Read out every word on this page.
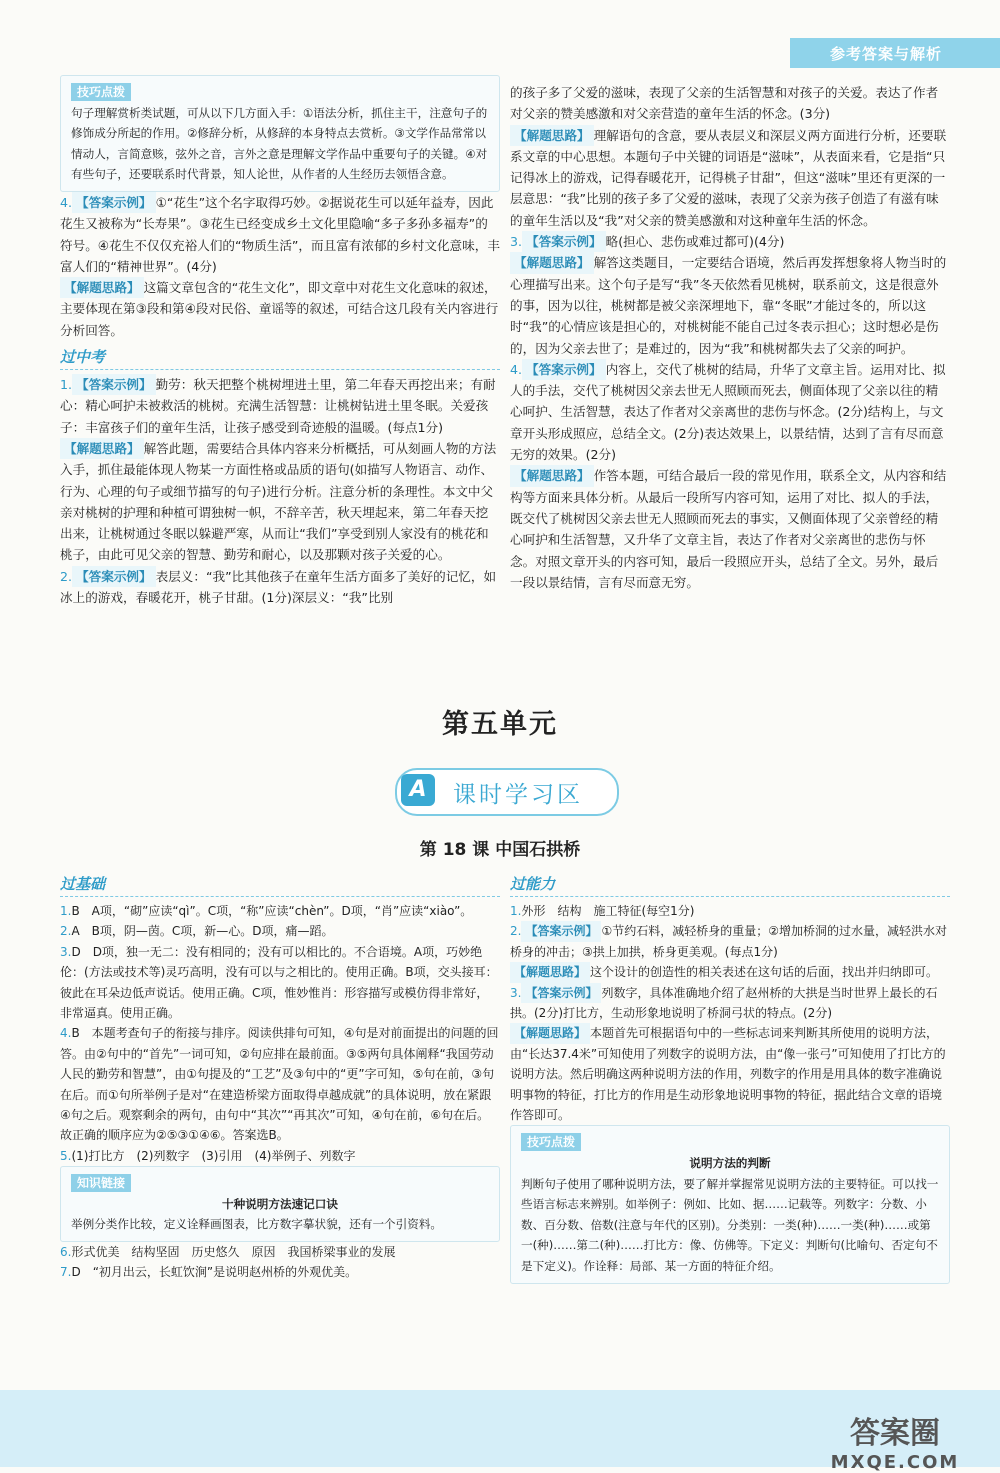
参考答案与解析
技巧点拨

句子理解赏析类试题，可从以下几方面入手：①语法分析，抓住主干，注意句子的修饰成分所起的作用。②修辞分析，从修辞的本身特点去赏析。③文学作品常常以情动人，言简意赅，弦外之音，言外之意是理解文学作品中重要句子的关键。④对有些句子，还要联系时代背景，知人论世，从作者的人生经历去领悟含意。

4. 【答案示例】 ①“花生”这个名字取得巧妙。②据说花生可以延年益寿，因此花生又被称为“长寿果”。③花生已经变成乡土文化里隐喻“多子多孙多福寿”的符号。④花生不仅仅充裕人们的“物质生活”，而且富有浓郁的乡村文化意味，丰富人们的“精神世界”。(4分)

【解题思路】 这篇文章包含的“花生文化”，即文章中对花生文化意味的叙述，主要体现在第③段和第④段对民俗、童谣等的叙述，可结合这几段有关内容进行分析回答。

过中考

1. 【答案示例】 勤劳：秋天把整个桃树埋进土里，第二年春天再挖出来；有耐心：精心呵护未被救活的桃树。充满生活智慧：让桃树钻进土里冬眠。关爱孩子：丰富孩子们的童年生活，让孩子感受到奇迹般的温暖。(每点1分)

【解题思路】 解答此题，需要结合具体内容来分析概括，可从刻画人物的方法入手，抓住最能体现人物某一方面性格或品质的语句(如描写人物语言、动作、行为、心理的句子或细节描写的句子)进行分析。注意分析的条理性。本文中父亲对桃树的护理和种植可谓独树一帜，不辞辛苦，秋天埋起来，第二年春天挖出来，让桃树通过冬眠以躲避严寒，从而让“我们”享受到别人家没有的桃花和桃子，由此可见父亲的智慧、勤劳和耐心，以及那颗对孩子关爱的心。

2. 【答案示例】 表层义：“我”比其他孩子在童年生活方面多了美好的记忆，如冰上的游戏，春暖花开，桃子甘甜。(1分)深层义：“我”比别

的孩子多了父爱的滋味，表现了父亲的生活智慧和对孩子的关爱。表达了作者对父亲的赞美感激和对父亲营造的童年生活的怀念。(3分)

【解题思路】 理解语句的含意，要从表层义和深层义两方面进行分析，还要联系文章的中心思想。本题句子中关键的词语是“滋味”，从表面来看，它是指“只记得冰上的游戏，记得春暖花开，记得桃子甘甜”，但这“滋味”里还有更深的一层意思：“我”比别的孩子多了父爱的滋味，表现了父亲为孩子创造了有滋有味的童年生活以及“我”对父亲的赞美感激和对这种童年生活的怀念。

3. 【答案示例】 略(担心、悲伤或难过都可)(4分)

【解题思路】 解答这类题目，一定要结合语境，然后再发挥想象将人物当时的心理描写出来。这个句子是写“我”冬天依然看见桃树，联系前文，这是很意外的事，因为以往，桃树都是被父亲深埋地下，靠“冬眠”才能过冬的，所以这时“我”的心情应该是担心的，对桃树能不能自己过冬表示担心；这时想必是伤的，因为父亲去世了；是难过的，因为“我”和桃树都失去了父亲的呵护。

4. 【答案示例】 内容上，交代了桃树的结局，升华了文章主旨。运用对比、拟人的手法，交代了桃树因父亲去世无人照顾而死去，侧面体现了父亲以往的精心呵护、生活智慧，表达了作者对父亲离世的悲伤与怀念。(2分)结构上，与文章开头形成照应，总结全文。(2分)表达效果上，以景结情，达到了言有尽而意无穷的效果。(2分)

【解题思路】 作答本题，可结合最后一段的常见作用，联系全文，从内容和结构等方面来具体分析。从最后一段所写内容可知，运用了对比、拟人的手法，既交代了桃树因父亲去世无人照顾而死去的事实，又侧面体现了父亲曾经的精心呵护和生活智慧，又升华了文章主旨，表达了作者对父亲离世的悲伤与怀念。对照文章开头的内容可知，最后一段照应开头，总结了全文。另外，最后一段以景结情，言有尽而意无穷。

第五单元
A	课时学习区
第 18 课 中国石拱桥
过基础

1.B　A项，“砌”应读“qì”。C项，“称”应读“chèn”。D项，“肖”应读“xiào”。

2.A　B项，阴—茵。C项，新—心。D项，痛—蹈。

3.D　D项，独一无二：没有相同的；没有可以相比的。不合语境。A项，巧妙绝伦：(方法或技术等)灵巧高明，没有可以与之相比的。使用正确。B项，交头接耳：彼此在耳朵边低声说话。使用正确。C项，惟妙惟肖：形容描写或模仿得非常好，非常逼真。使用正确。

4.B　本题考查句子的衔接与排序。阅读供排句可知，④句是对前面提出的问题的回答。由②句中的“首先”一词可知，②句应排在最前面。③⑤两句具体阐释“我国劳动人民的勤劳和智慧”，由①句提及的“工艺”及③句中的“更”字可知，⑤句在前，③句在后。而①句所举例子是对“在建造桥梁方面取得卓越成就”的具体说明，放在紧跟④句之后。观察剩余的两句，由句中“其次”“再其次”可知，④句在前，⑥句在后。故正确的顺序应为②⑤③①④⑥。答案选B。

5.(1)打比方　(2)列数字　(3)引用　(4)举例子、列数字

知识链接

十种说明方法速记口诀

举例分类作比较，定义诠释画图表，比方数字摹状貌，还有一个引资料。

6.形式优美　结构坚固　历史悠久　原因　我国桥梁事业的发展

7.D　“初月出云，长虹饮涧”是说明赵州桥的外观优美。

过能力

1.外形　结构　施工特征(每空1分)

2. 【答案示例】 ①节约石料，减轻桥身的重量；②增加桥洞的过水量，减轻洪水对桥身的冲击；③拱上加拱，桥身更美观。(每点1分)

【解题思路】 这个设计的创造性的相关表述在这句话的后面，找出并归纳即可。

3. 【答案示例】 列数字，具体准确地介绍了赵州桥的大拱是当时世界上最长的石拱。(2分)打比方，生动形象地说明了桥洞弓状的特点。(2分)

【解题思路】 本题首先可根据语句中的一些标志词来判断其所使用的说明方法，由“长达37.4米”可知使用了列数字的说明方法，由“像一张弓”可知使用了打比方的说明方法。然后明确这两种说明方法的作用，列数字的作用是用具体的数字准确说明事物的特征，打比方的作用是生动形象地说明事物的特征，据此结合文章的语境作答即可。

技巧点拨

说明方法的判断

判断句子使用了哪种说明方法，要了解并掌握常见说明方法的主要特征。可以找一些语言标志来辨别。如举例子：例如、比如、据……记载等。列数字：分数、小数、百分数、倍数(注意与年代的区别)。分类别：一类(种)……一类(种)……或第一(种)……第二(种)……打比方：像、仿佛等。下定义：判断句(比喻句、否定句不是下定义)。作诠释：局部、某一方面的特征介绍。

答案圈
MXQE.COM
